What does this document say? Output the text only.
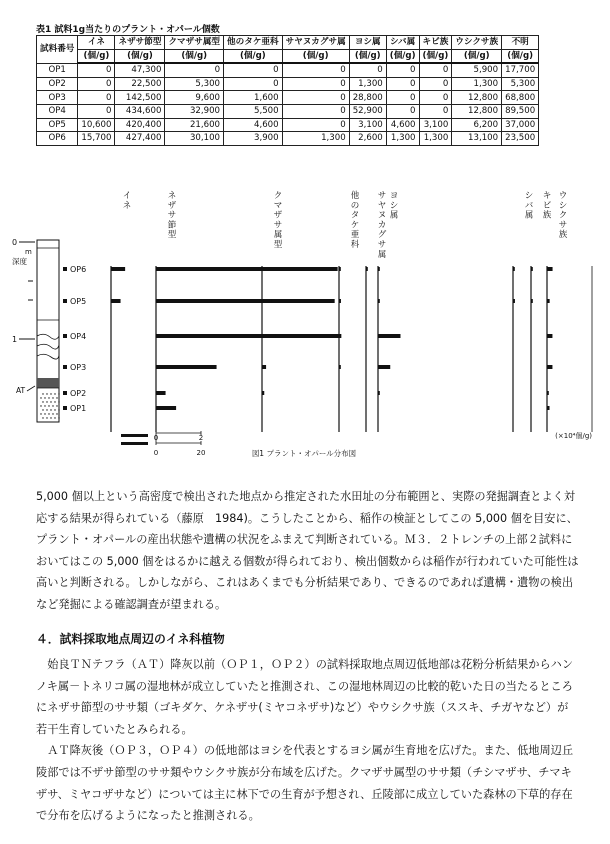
表1 試料1g当たりのプラント・オパール個数
試料番号	イネ	ネザサ節型	クマザサ属型	他のタケ亜科	サヤヌカグサ属	ヨシ属	シバ属	キビ族	ウシクサ族	不明
	(個/g)	(個/g)	(個/g)	(個/g)	(個/g)	(個/g)	(個/g)	(個/g)	(個/g)	(個/g)
OP1	0	47,300	0	0	0	0	0	0	5,900	17,700
OP2	0	22,500	5,300	0	0	1,300	0	0	1,300	5,300
OP3	0	142,500	9,600	1,600	0	28,800	0	0	12,800	68,800
OP4	0	434,600	32,900	5,500	0	52,900	0	0	12,800	89,500
OP5	10,600	420,400	21,600	4,600	0	3,100	4,600	3,100	6,200	37,000
OP6	15,700	427,400	30,100	3,900	1,300	2,600	1,300	1,300	13,100	23,500
イ
ネ
ネ
ザ
サ
節
型
ク
マ
ザ
サ
属
型
他
の
タ
ケ
亜
科
サ
ヤ
ヌ
カ
グ
サ
属
ヨ
シ
属
シ
バ
属
キ
ビ
族
ウ
シ
ク
サ
族
OP6
OP5
OP4
OP3
OP2
OP1
深度
m
0
1
AT
0	2
0	20
(×10⁴個/g)
図1 プラント・オパール分布図
5,000 個以上という高密度で検出された地点から推定された水田址の分布範囲と、実際の発掘調査とよく対
応する結果が得られている（藤原　1984)。こうしたことから、稲作の検証としてこの 5,000 個を目安に、
プラント・オパールの産出状態や遺構の状況をふまえて判断されている。Ｍ３．２トレンチの上部２試料に
おいてはこの 5,000 個をはるかに越える個数が得られており、検出個数からは稲作が行われていた可能性は
高いと判断される。しかしながら、これはあくまでも分析結果であり、できるのであれば遺構・遺物の検出
など発掘による確認調査が望まれる。
４．試料採取地点周辺のイネ科植物
　始良ＴＮテフラ（ＡＴ）降灰以前（ＯＰ１，ＯＰ２）の試料採取地点周辺低地部は花粉分析結果からハン
ノキ属－トネリコ属の湿地林が成立していたと推測され、この湿地林周辺の比較的乾いた日の当たるところ
にネザサ節型のササ類（ゴキダケ、ケネザサ(ミヤコネザサ)など）やウシクサ族（ススキ、チガヤなど）が
若干生育していたとみられる。
　ＡＴ降灰後（ＯＰ３，ＯＰ４）の低地部はヨシを代表とするヨシ属が生育地を広げた。また、低地周辺丘
陵部では不ザサ節型のササ類やウシクサ族が分布域を広げた。クマザサ属型のササ類（チシマザサ、チマキ
ザサ、ミヤコザサなど）については主に林下での生育が予想され、丘陵部に成立していた森林の下草的存在
で分布を広げるようになったと推測される。
